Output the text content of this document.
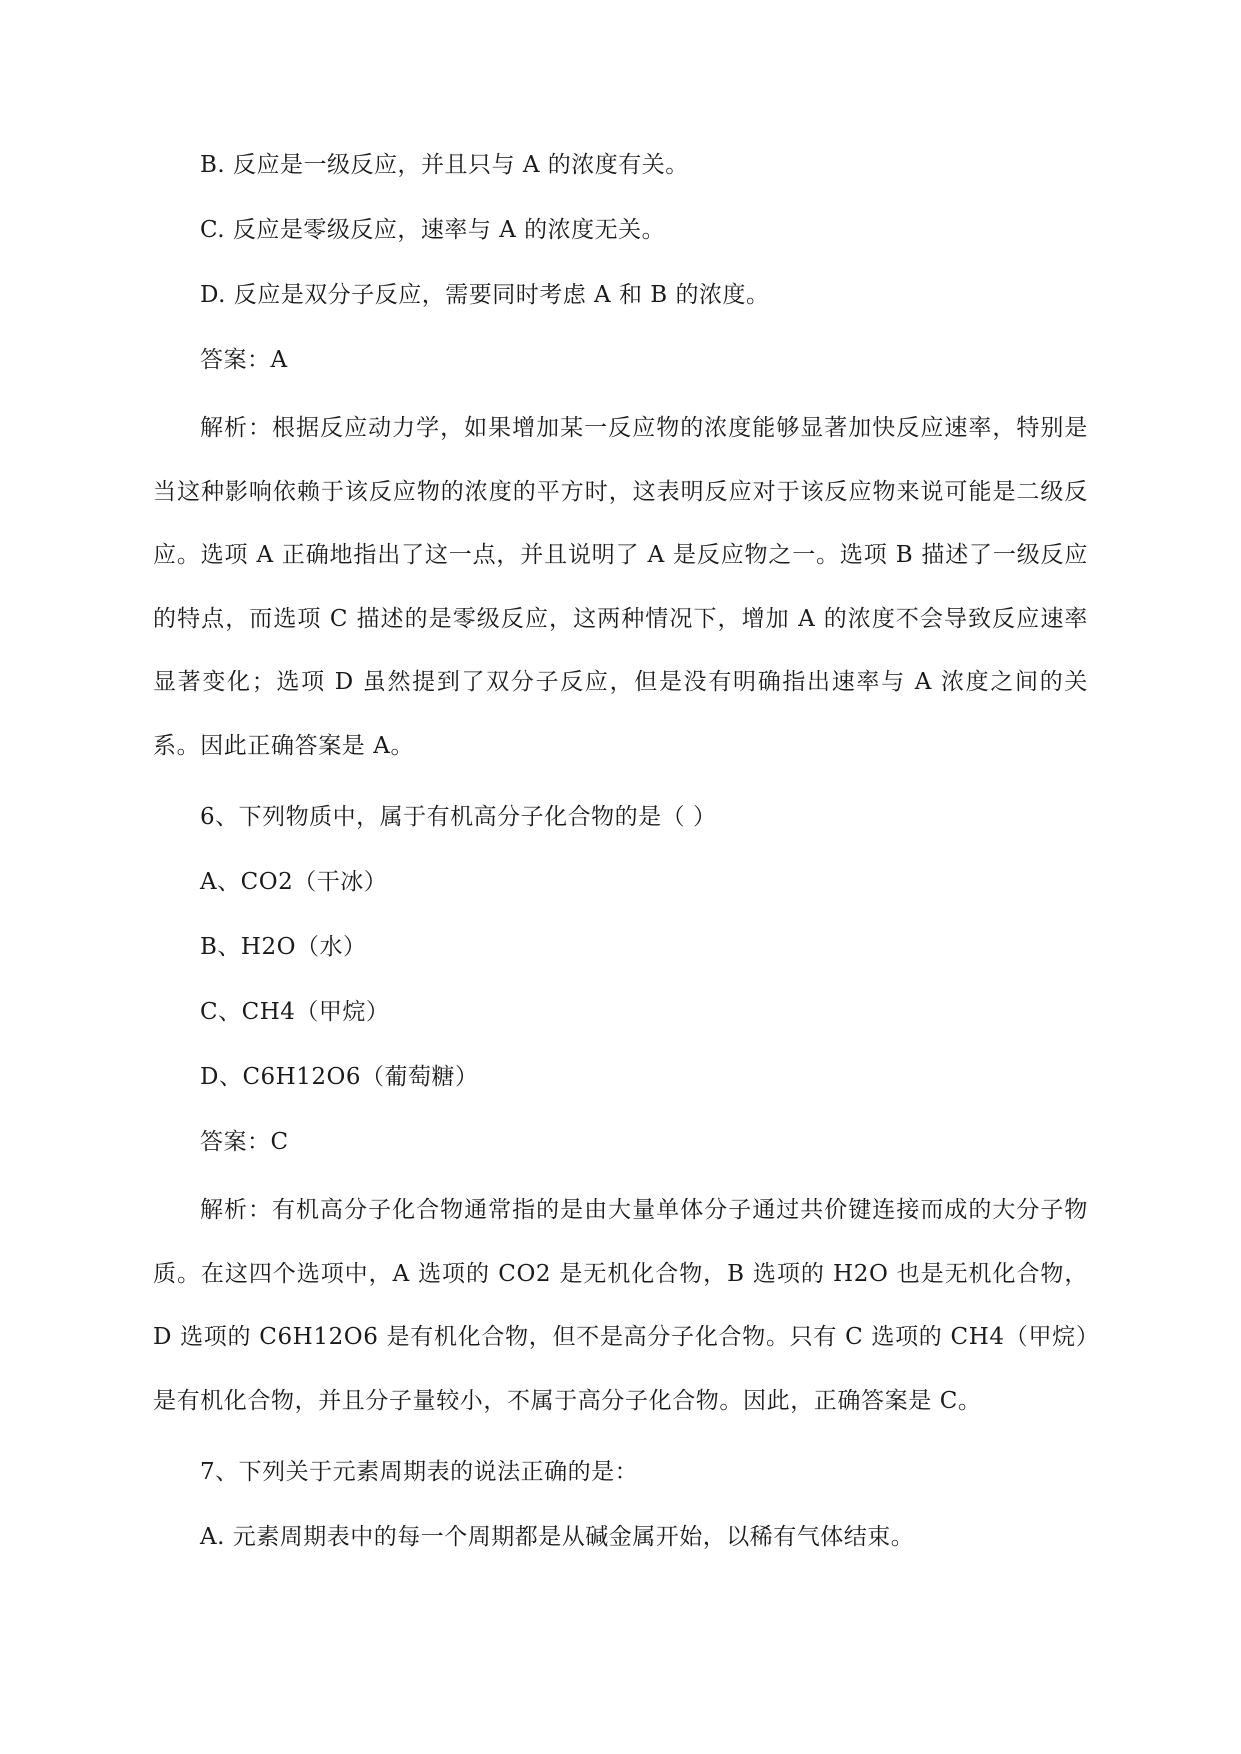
B. 反应是一级反应，并且只与 A 的浓度有关。
C. 反应是零级反应，速率与 A 的浓度无关。
D. 反应是双分子反应，需要同时考虑 A 和 B 的浓度。
答案：A

解析：根据反应动力学，如果增加某一反应物的浓度能够显著加快反应速率，特别是当这种影响依赖于该反应物的浓度的平方时，这表明反应对于该反应物来说可能是二级反应。选项 A 正确地指出了这一点，并且说明了 A 是反应物之一。选项 B 描述了一级反应的特点，而选项 C 描述的是零级反应，这两种情况下，增加 A 的浓度不会导致反应速率显著变化；选项 D 虽然提到了双分子反应，但是没有明确指出速率与 A 浓度之间的关系。因此正确答案是 A。

6、下列物质中，属于有机高分子化合物的是（ ）
A、CO2（干冰）
B、H2O（水）
C、CH4（甲烷）
D、C6H12O6（葡萄糖）
答案：C

解析：有机高分子化合物通常指的是由大量单体分子通过共价键连接而成的大分子物质。在这四个选项中，A 选项的 CO2 是无机化合物，B 选项的 H2O 也是无机化合物，D 选项的 C6H12O6 是有机化合物，但不是高分子化合物。只有 C 选项的 CH4（甲烷）是有机化合物，并且分子量较小，不属于高分子化合物。因此，正确答案是 C。

7、下列关于元素周期表的说法正确的是：
A. 元素周期表中的每一个周期都是从碱金属开始，以稀有气体结束。
